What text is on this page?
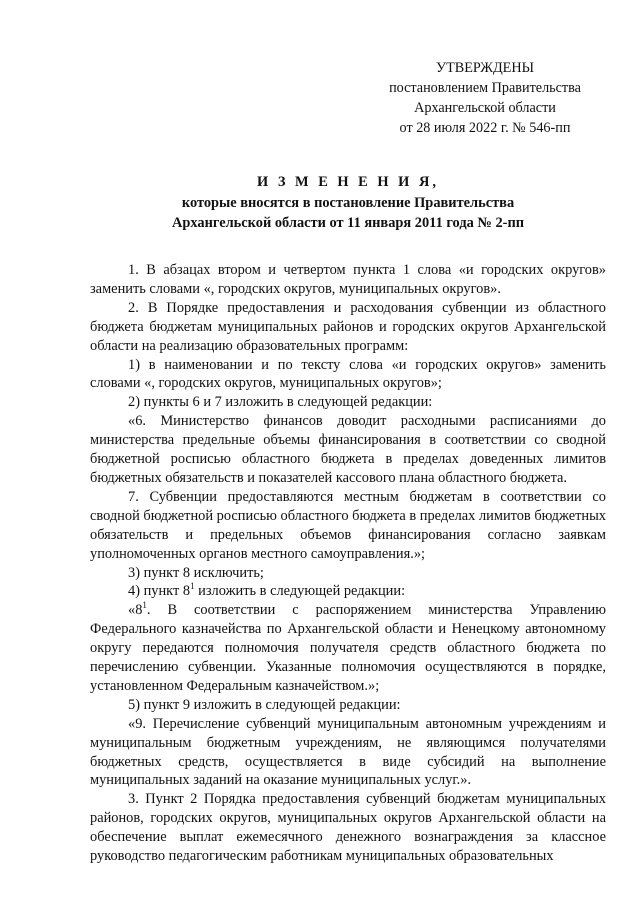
УТВЕРЖДЕНЫ
постановлением Правительства
Архангельской области
от 28 июля 2022 г. № 546-пп
И З М Е Н Е Н И Я,
которые вносятся в постановление Правительства
Архангельской области от 11 января 2011 года № 2-пп

1. В абзацах втором и четвертом пункта 1 слова «и городских округов» заменить словами «, городских округов, муниципальных округов».

2. В Порядке предоставления и расходования субвенции из областного бюджета бюджетам муниципальных районов и городских округов Архангельской области на реализацию образовательных программ:

1) в наименовании и по тексту слова «и городских округов» заменить словами «, городских округов, муниципальных округов»;

2) пункты 6 и 7 изложить в следующей редакции:

«6. Министерство финансов доводит расходными расписаниями до министерства предельные объемы финансирования в соответствии со сводной бюджетной росписью областного бюджета в пределах доведенных лимитов бюджетных обязательств и показателей кассового плана областного бюджета.

7. Субвенции предоставляются местным бюджетам в соответствии со сводной бюджетной росписью областного бюджета в пределах лимитов бюджетных обязательств и предельных объемов финансирования согласно заявкам уполномоченных органов местного самоуправления.»;

3) пункт 8 исключить;

4) пункт $8^1$ изложить в следующей редакции:

«$8^1$. В соответствии с распоряжением министерства Управлению Федерального казначейства по Архангельской области и Ненецкому автономному округу передаются полномочия получателя средств областного бюджета по перечислению субвенции. Указанные полномочия осуществляются в порядке, установленном Федеральным казначейством.»;

5) пункт 9 изложить в следующей редакции:

«9. Перечисление субвенций муниципальным автономным учреждениям и муниципальным бюджетным учреждениям, не являющимся получателями бюджетных средств, осуществляется в виде субсидий на выполнение муниципальных заданий на оказание муниципальных услуг.».

3. Пункт 2 Порядка предоставления субвенций бюджетам муниципальных районов, городских округов, муниципальных округов Архангельской области на обеспечение выплат ежемесячного денежного вознаграждения за классное руководство педагогическим работникам муниципальных образовательных
